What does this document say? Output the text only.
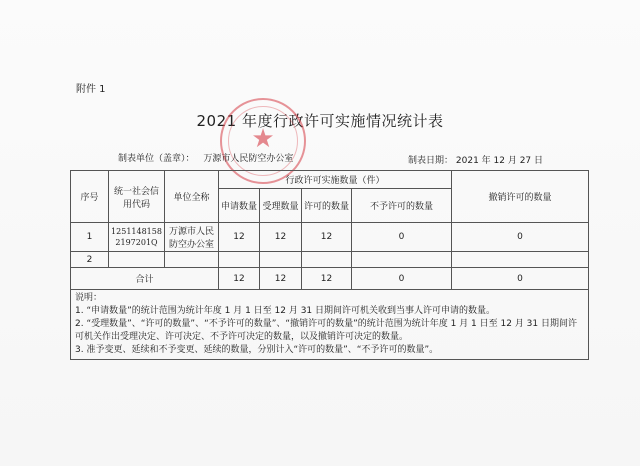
附件 1
2021 年度行政许可实施情况统计表
★
制表单位（盖章）： 万源市人民防空办公室	制表日期： 2021 年 12 月 27 日
序号	统一社会信用代码	单位全称	行政许可实施数量（件）				撤销许可的数量
			申请数量	受理数量	许可的数量	不予许可的数量	
1	12511481582197201Q	万源市人民防空办公室	12	12	12	0	0
2							
合计			12	12	12	0	0

说明：
1. “申请数量”的统计范围为统计年度 1 月 1 日至 12 月 31 日期间许可机关收到当事人许可申请的数量。
2. “受理数量”、“许可的数量”、“不予许可的数量”、“撤销许可的数量”的统计范围为统计年度 1 月 1 日至 12 月 31 日期间许可机关作出受理决定、许可决定、不予许可决定的数量，以及撤销许可决定的数量。
3. 准予变更、延续和不予变更、延续的数量，分别计入“许可的数量”、“不予许可的数量”。							
